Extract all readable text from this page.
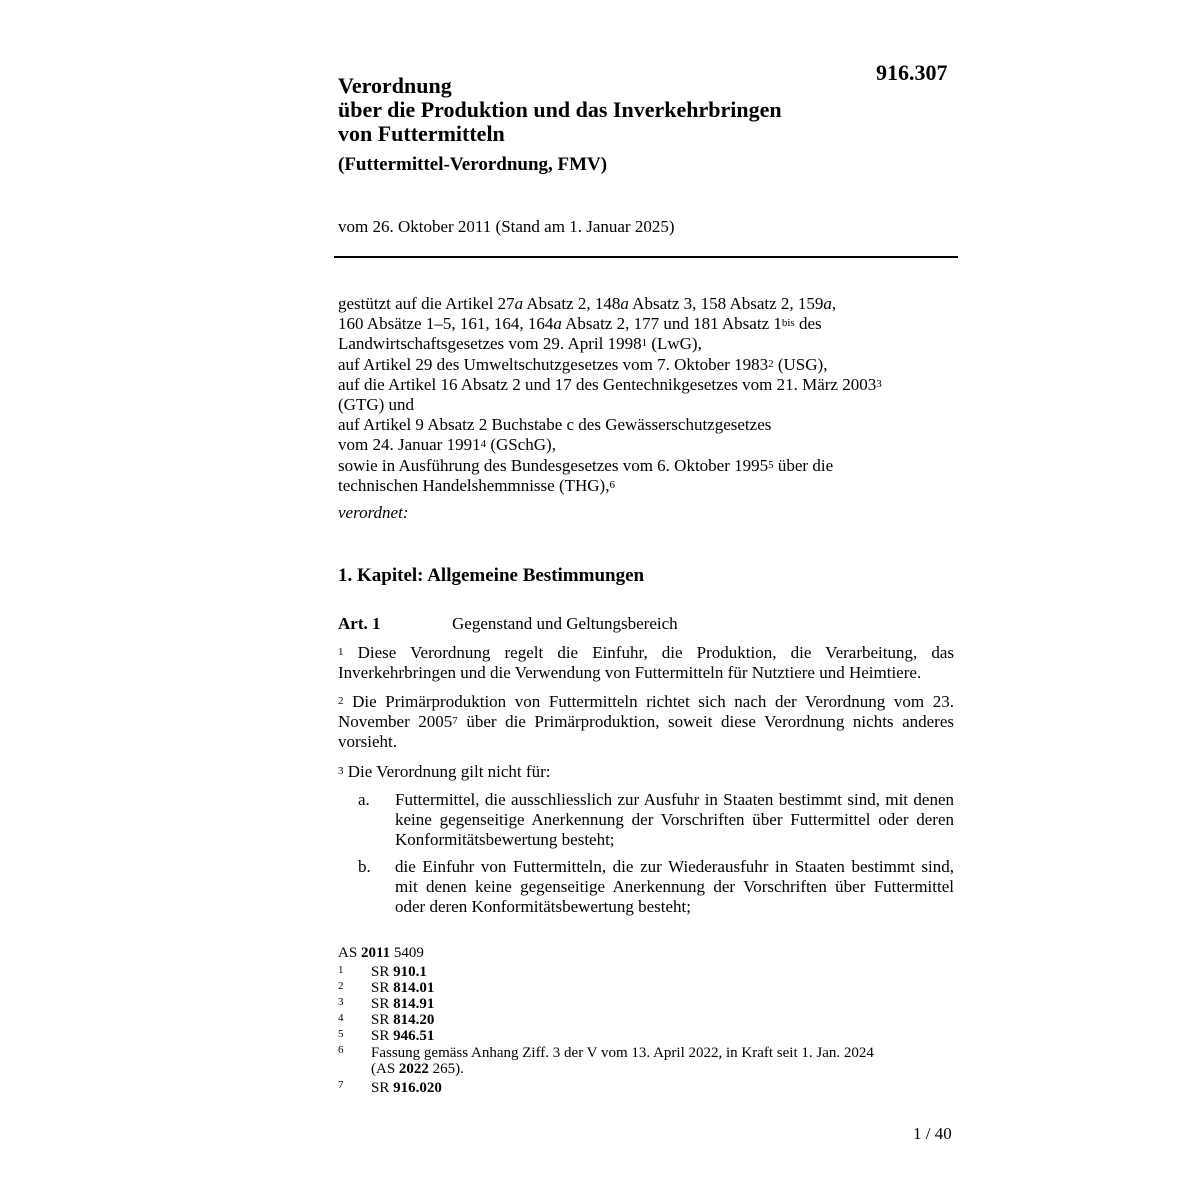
916.307
Verordnung
über die Produktion und das Inverkehrbringen
von Futtermitteln
(Futtermittel-Verordnung, FMV)
vom 26. Oktober 2011 (Stand am 1. Januar 2025)
gestützt auf die Artikel 27a Absatz 2, 148a Absatz 3, 158 Absatz 2, 159a,
160 Absätze 1–5, 161, 164, 164a Absatz 2, 177 und 181 Absatz $1^{bis}$ des
Landwirtschaftsgesetzes vom 29. April 1998$^1$ (LwG),
auf Artikel 29 des Umweltschutzgesetzes vom 7. Oktober 1983$^2$ (USG),
auf die Artikel 16 Absatz 2 und 17 des Gentechnikgesetzes vom 21. März 2003$^3$
(GTG) und
auf Artikel 9 Absatz 2 Buchstabe c des Gewässerschutzgesetzes
vom 24. Januar 1991$^4$ (GSchG),
sowie in Ausführung des Bundesgesetzes vom 6. Oktober 1995$^5$ über die
technischen Handelshemmnisse (THG),$^6$
verordnet:
1. Kapitel: Allgemeine Bestimmungen
Art. 1	Gegenstand und Geltungsbereich
$^1$ Diese Verordnung regelt die Einfuhr, die Produktion, die Verarbeitung, das Inverkehrbringen und die Verwendung von Futtermitteln für Nutztiere und Heimtiere.
$^2$ Die Primärproduktion von Futtermitteln richtet sich nach der Verordnung vom 23. November 2005$^7$ über die Primärproduktion, soweit diese Verordnung nichts anderes vorsieht.
$^3$ Die Verordnung gilt nicht für:
a. Futtermittel, die ausschliesslich zur Ausfuhr in Staaten bestimmt sind, mit denen keine gegenseitige Anerkennung der Vorschriften über Futtermittel oder deren Konformitätsbewertung besteht;
b. die Einfuhr von Futtermitteln, die zur Wiederausfuhr in Staaten bestimmt sind, mit denen keine gegenseitige Anerkennung der Vorschriften über Futtermittel oder deren Konformitätsbewertung besteht;
AS 2011 5409
1 SR 910.1
2 SR 814.01
3 SR 814.91
4 SR 814.20
5 SR 946.51
6 Fassung gemäss Anhang Ziff. 3 der V vom 13. April 2022, in Kraft seit 1. Jan. 2024
(AS 2022 265).
7 SR 916.020
1 / 40
